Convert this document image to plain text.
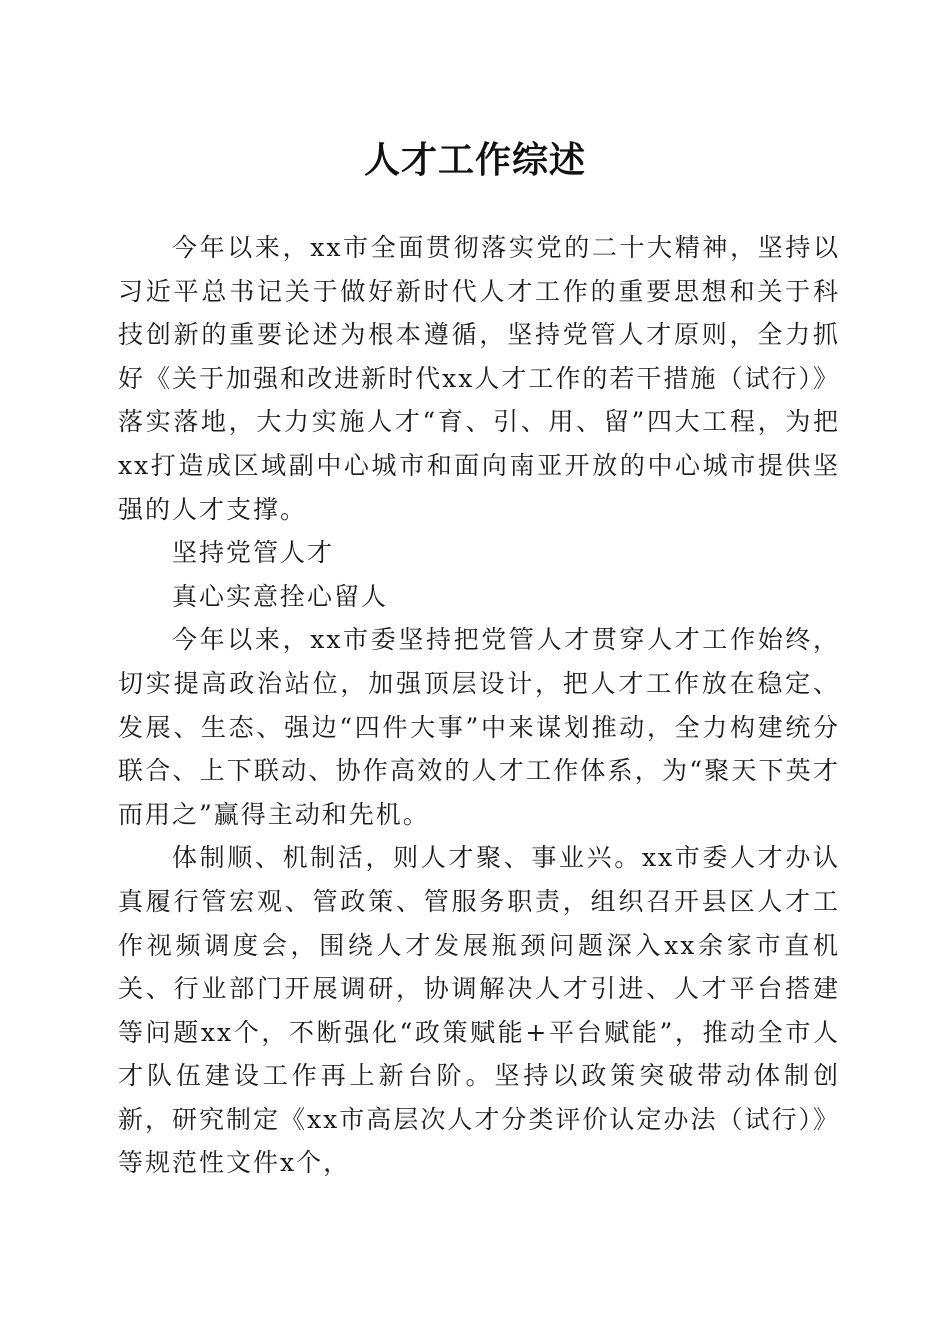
人才工作综述

今年以来，xx市全面贯彻落实党的二十大精神，坚持以习近平总书记关于做好新时代人才工作的重要思想和关于科技创新的重要论述为根本遵循，坚持党管人才原则，全力抓好《关于加强和改进新时代xx人才工作的若干措施（试行）》落实落地，大力实施人才“育、引、用、留”四大工程，为把xx打造成区域副中心城市和面向南亚开放的中心城市提供坚强的人才支撑。

坚持党管人才

真心实意拴心留人

今年以来，xx市委坚持把党管人才贯穿人才工作始终，切实提高政治站位，加强顶层设计，把人才工作放在稳定、发展、生态、强边“四件大事”中来谋划推动，全力构建统分联合、上下联动、协作高效的人才工作体系，为“聚天下英才而用之”赢得主动和先机。

体制顺、机制活，则人才聚、事业兴。xx市委人才办认真履行管宏观、管政策、管服务职责，组织召开县区人才工作视频调度会，围绕人才发展瓶颈问题深入xx余家市直机关、行业部门开展调研，协调解决人才引进、人才平台搭建等问题xx个，不断强化“政策赋能+平台赋能”，推动全市人才队伍建设工作再上新台阶。坚持以政策突破带动体制创新，研究制定《xx市高层次人才分类评价认定办法（试行）》等规范性文件x个，
